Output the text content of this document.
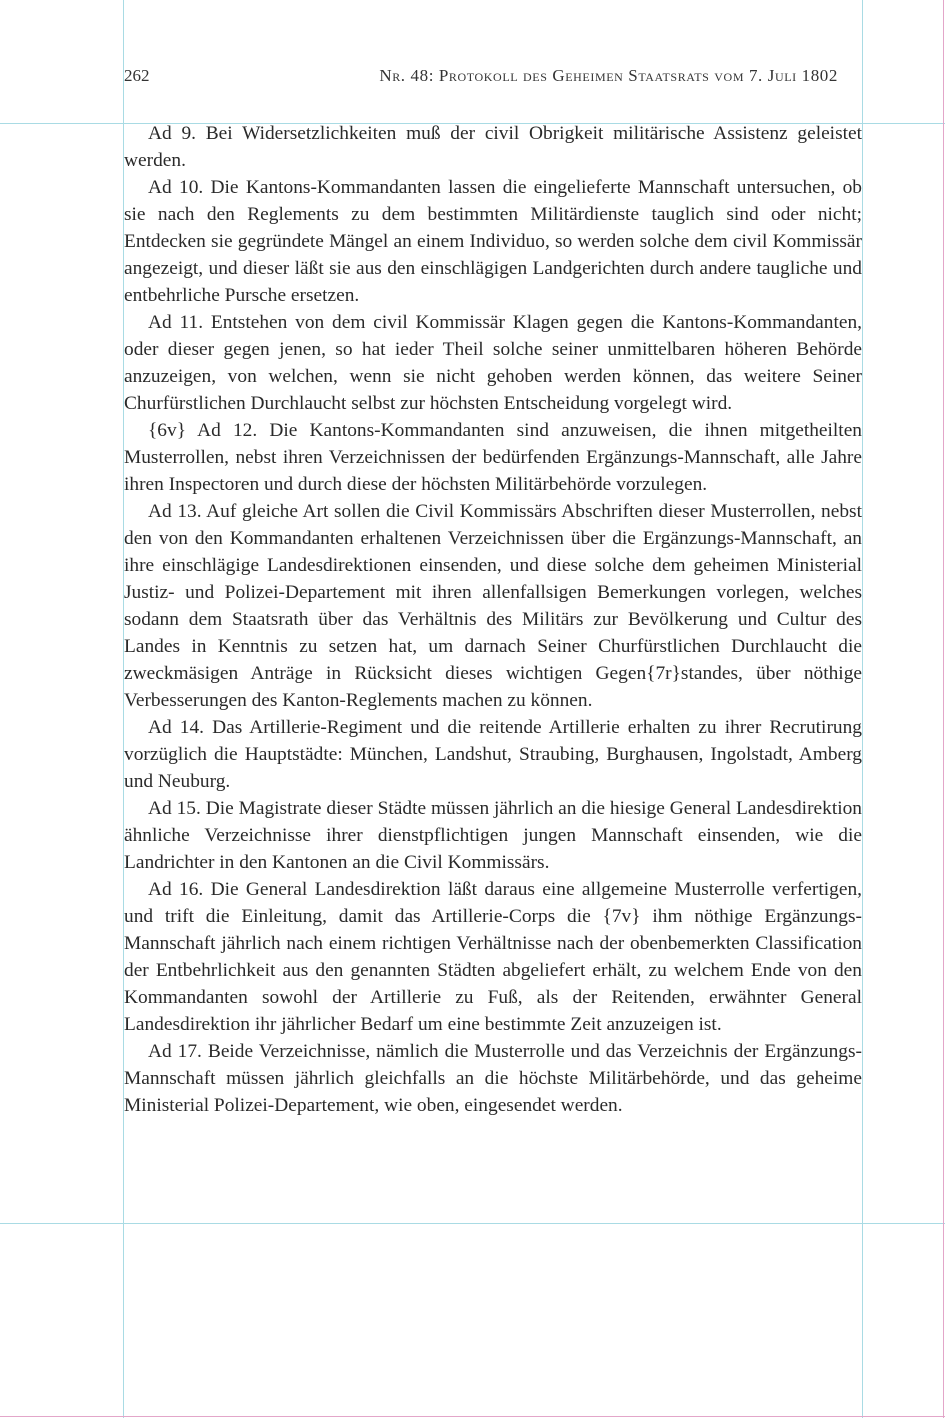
262	Nr. 48: Protokoll des Geheimen Staatsrats vom 7. Juli 1802

Ad 9. Bei Widersetzlichkeiten muß der civil Obrigkeit militärische Assistenz geleistet werden.

Ad 10. Die Kantons-Kommandanten lassen die eingelieferte Mannschaft untersuchen, ob sie nach den Reglements zu dem bestimmten Militärdienste tauglich sind oder nicht; Entdecken sie gegründete Mängel an einem Individuo, so werden solche dem civil Kommissär angezeigt, und dieser läßt sie aus den einschlägigen Landgerichten durch andere taugliche und entbehrliche Pursche ersetzen.

Ad 11. Entstehen von dem civil Kommissär Klagen gegen die Kantons-Kommandanten, oder dieser gegen jenen, so hat ieder Theil solche seiner unmittelbaren höheren Behörde anzuzeigen, von welchen, wenn sie nicht gehoben werden können, das weitere Seiner Churfürstlichen Durchlaucht selbst zur höchsten Entscheidung vorgelegt wird.

{6v} Ad 12. Die Kantons-Kommandanten sind anzuweisen, die ihnen mitgetheilten Musterrollen, nebst ihren Verzeichnissen der bedürfenden Ergänzungs-Mannschaft, alle Jahre ihren Inspectoren und durch diese der höchsten Militärbehörde vorzulegen.

Ad 13. Auf gleiche Art sollen die Civil Kommissärs Abschriften dieser Musterrollen, nebst den von den Kommandanten erhaltenen Verzeichnissen über die Ergänzungs-Mannschaft, an ihre einschlägige Landesdirektionen einsenden, und diese solche dem geheimen Ministerial Justiz- und Polizei-Departement mit ihren allenfallsigen Bemerkungen vorlegen, welches sodann dem Staatsrath über das Verhältnis des Militärs zur Bevölkerung und Cultur des Landes in Kenntnis zu setzen hat, um darnach Seiner Churfürstlichen Durchlaucht die zweckmäsigen Anträge in Rücksicht dieses wichtigen Gegen{7r}standes, über nöthige Verbesserungen des Kanton-Reglements machen zu können.

Ad 14. Das Artillerie-Regiment und die reitende Artillerie erhalten zu ihrer Recrutirung vorzüglich die Hauptstädte: München, Landshut, Straubing, Burghausen, Ingolstadt, Amberg und Neuburg.

Ad 15. Die Magistrate dieser Städte müssen jährlich an die hiesige General Landesdirektion ähnliche Verzeichnisse ihrer dienstpflichtigen jungen Mannschaft einsenden, wie die Landrichter in den Kantonen an die Civil Kommissärs.

Ad 16. Die General Landesdirektion läßt daraus eine allgemeine Musterrolle verfertigen, und trift die Einleitung, damit das Artillerie-Corps die {7v} ihm nöthige Ergänzungs-Mannschaft jährlich nach einem richtigen Verhältnisse nach der obenbemerkten Classification der Entbehrlichkeit aus den genannten Städten abgeliefert erhält, zu welchem Ende von den Kommandanten sowohl der Artillerie zu Fuß, als der Reitenden, erwähnter General Landesdirektion ihr jährlicher Bedarf um eine bestimmte Zeit anzuzeigen ist.

Ad 17. Beide Verzeichnisse, nämlich die Musterrolle und das Verzeichnis der Ergänzungs-Mannschaft müssen jährlich gleichfalls an die höchste Militärbehörde, und das geheime Ministerial Polizei-Departement, wie oben, eingesendet werden.
